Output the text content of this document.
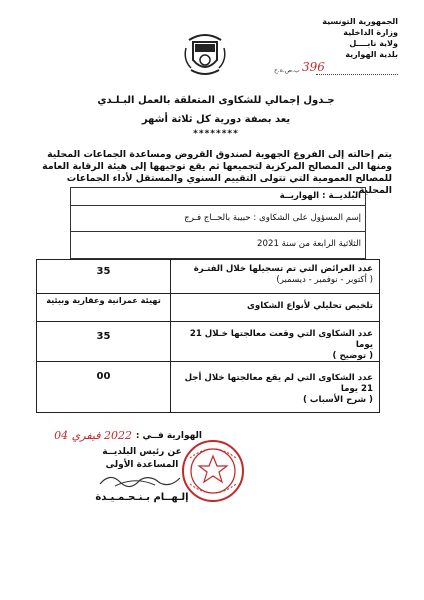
الجمهورية التونسية
وزارة الداخلية
ولاية نابــــل
بلدية الهوارية
ب.ص.ه.ح 396
جـدول إجمالي للشكاوى المتعلقة بالعمل البـلـدي
يعد بصفة دورية كل ثلاثة أشهر
********
يتم إحالته إلى الفروع الجهوية لصندوق القروض ومساعدة الجماعات المحلية ومنها الى المصالح المركزية لتجميعها ثم يقع توجيهها إلى هيئة الرقابة العامة للمصالح العمومية التي تتولى التقييم السنوي والمستقل لأداء الجماعات المحلية .
البلديــة : الهواريــة
إسم المسؤول على الشكاوى : حبيبة بالحــاج فـرج
الثلاثية الرابعة من سنة 2021
عدد العرائض التي تم تسجيلها خلال الفتـرة
( أكتوبر - نوفمبر - ديسمبر)
35
تلخيص تحليلي لأنواع الشكاوى
تهيئة عمرانية وعقارية وبيئية
عدد الشكاوى التي وقعت معالجتها خـلال 21 يوما
( توضيح )
35
عدد الشكاوى التي لم يقع معالجتها خلال أجل 21 يوما
( شرح الأسباب )
00
2022 فيفري 04 الهوارية فــي :
عن رئيس البلديــة
المساعدة الأولى
إلـهــام بـنـحـمـيـدة
